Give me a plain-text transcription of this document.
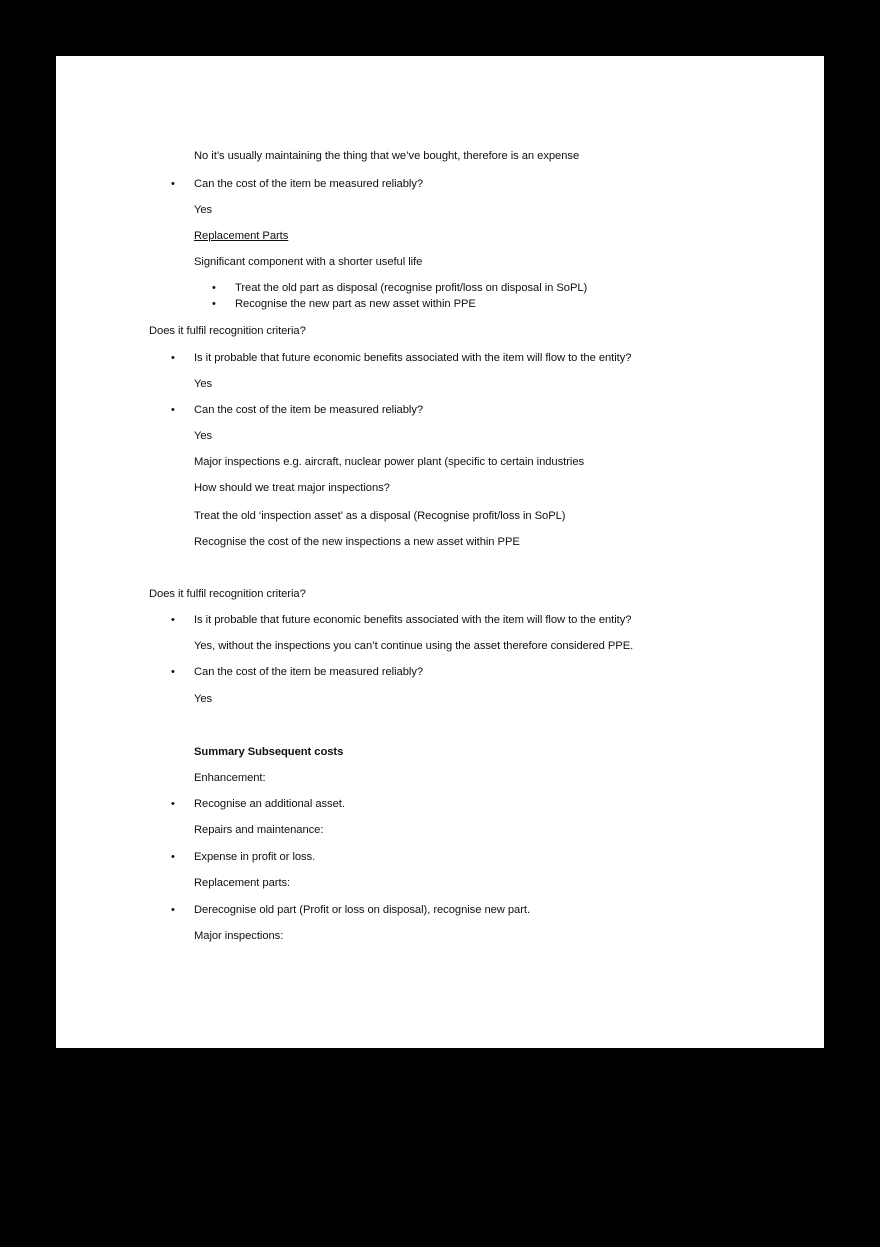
No it’s usually maintaining the thing that we’ve bought, therefore is an expense
• Can the cost of the item be measured reliably?
Yes
Replacement Parts
Significant component with a shorter useful life
• Treat the old part as disposal (recognise profit/loss on disposal in SoPL)
• Recognise the new part as new asset within PPE
Does it fulfil recognition criteria?
• Is it probable that future economic benefits associated with the item will flow to the entity?
Yes
• Can the cost of the item be measured reliably?
Yes
Major inspections e.g. aircraft, nuclear power plant (specific to certain industries
How should we treat major inspections?
Treat the old ‘inspection asset’ as a disposal (Recognise profit/loss in SoPL)
Recognise the cost of the new inspections a new asset within PPE
Does it fulfil recognition criteria?
• Is it probable that future economic benefits associated with the item will flow to the entity?
Yes, without the inspections you can’t continue using the asset therefore considered PPE.
• Can the cost of the item be measured reliably?
Yes
Summary Subsequent costs
Enhancement:
• Recognise an additional asset.
Repairs and maintenance:
• Expense in profit or loss.
Replacement parts:
• Derecognise old part (Profit or loss on disposal), recognise new part.
Major inspections:
